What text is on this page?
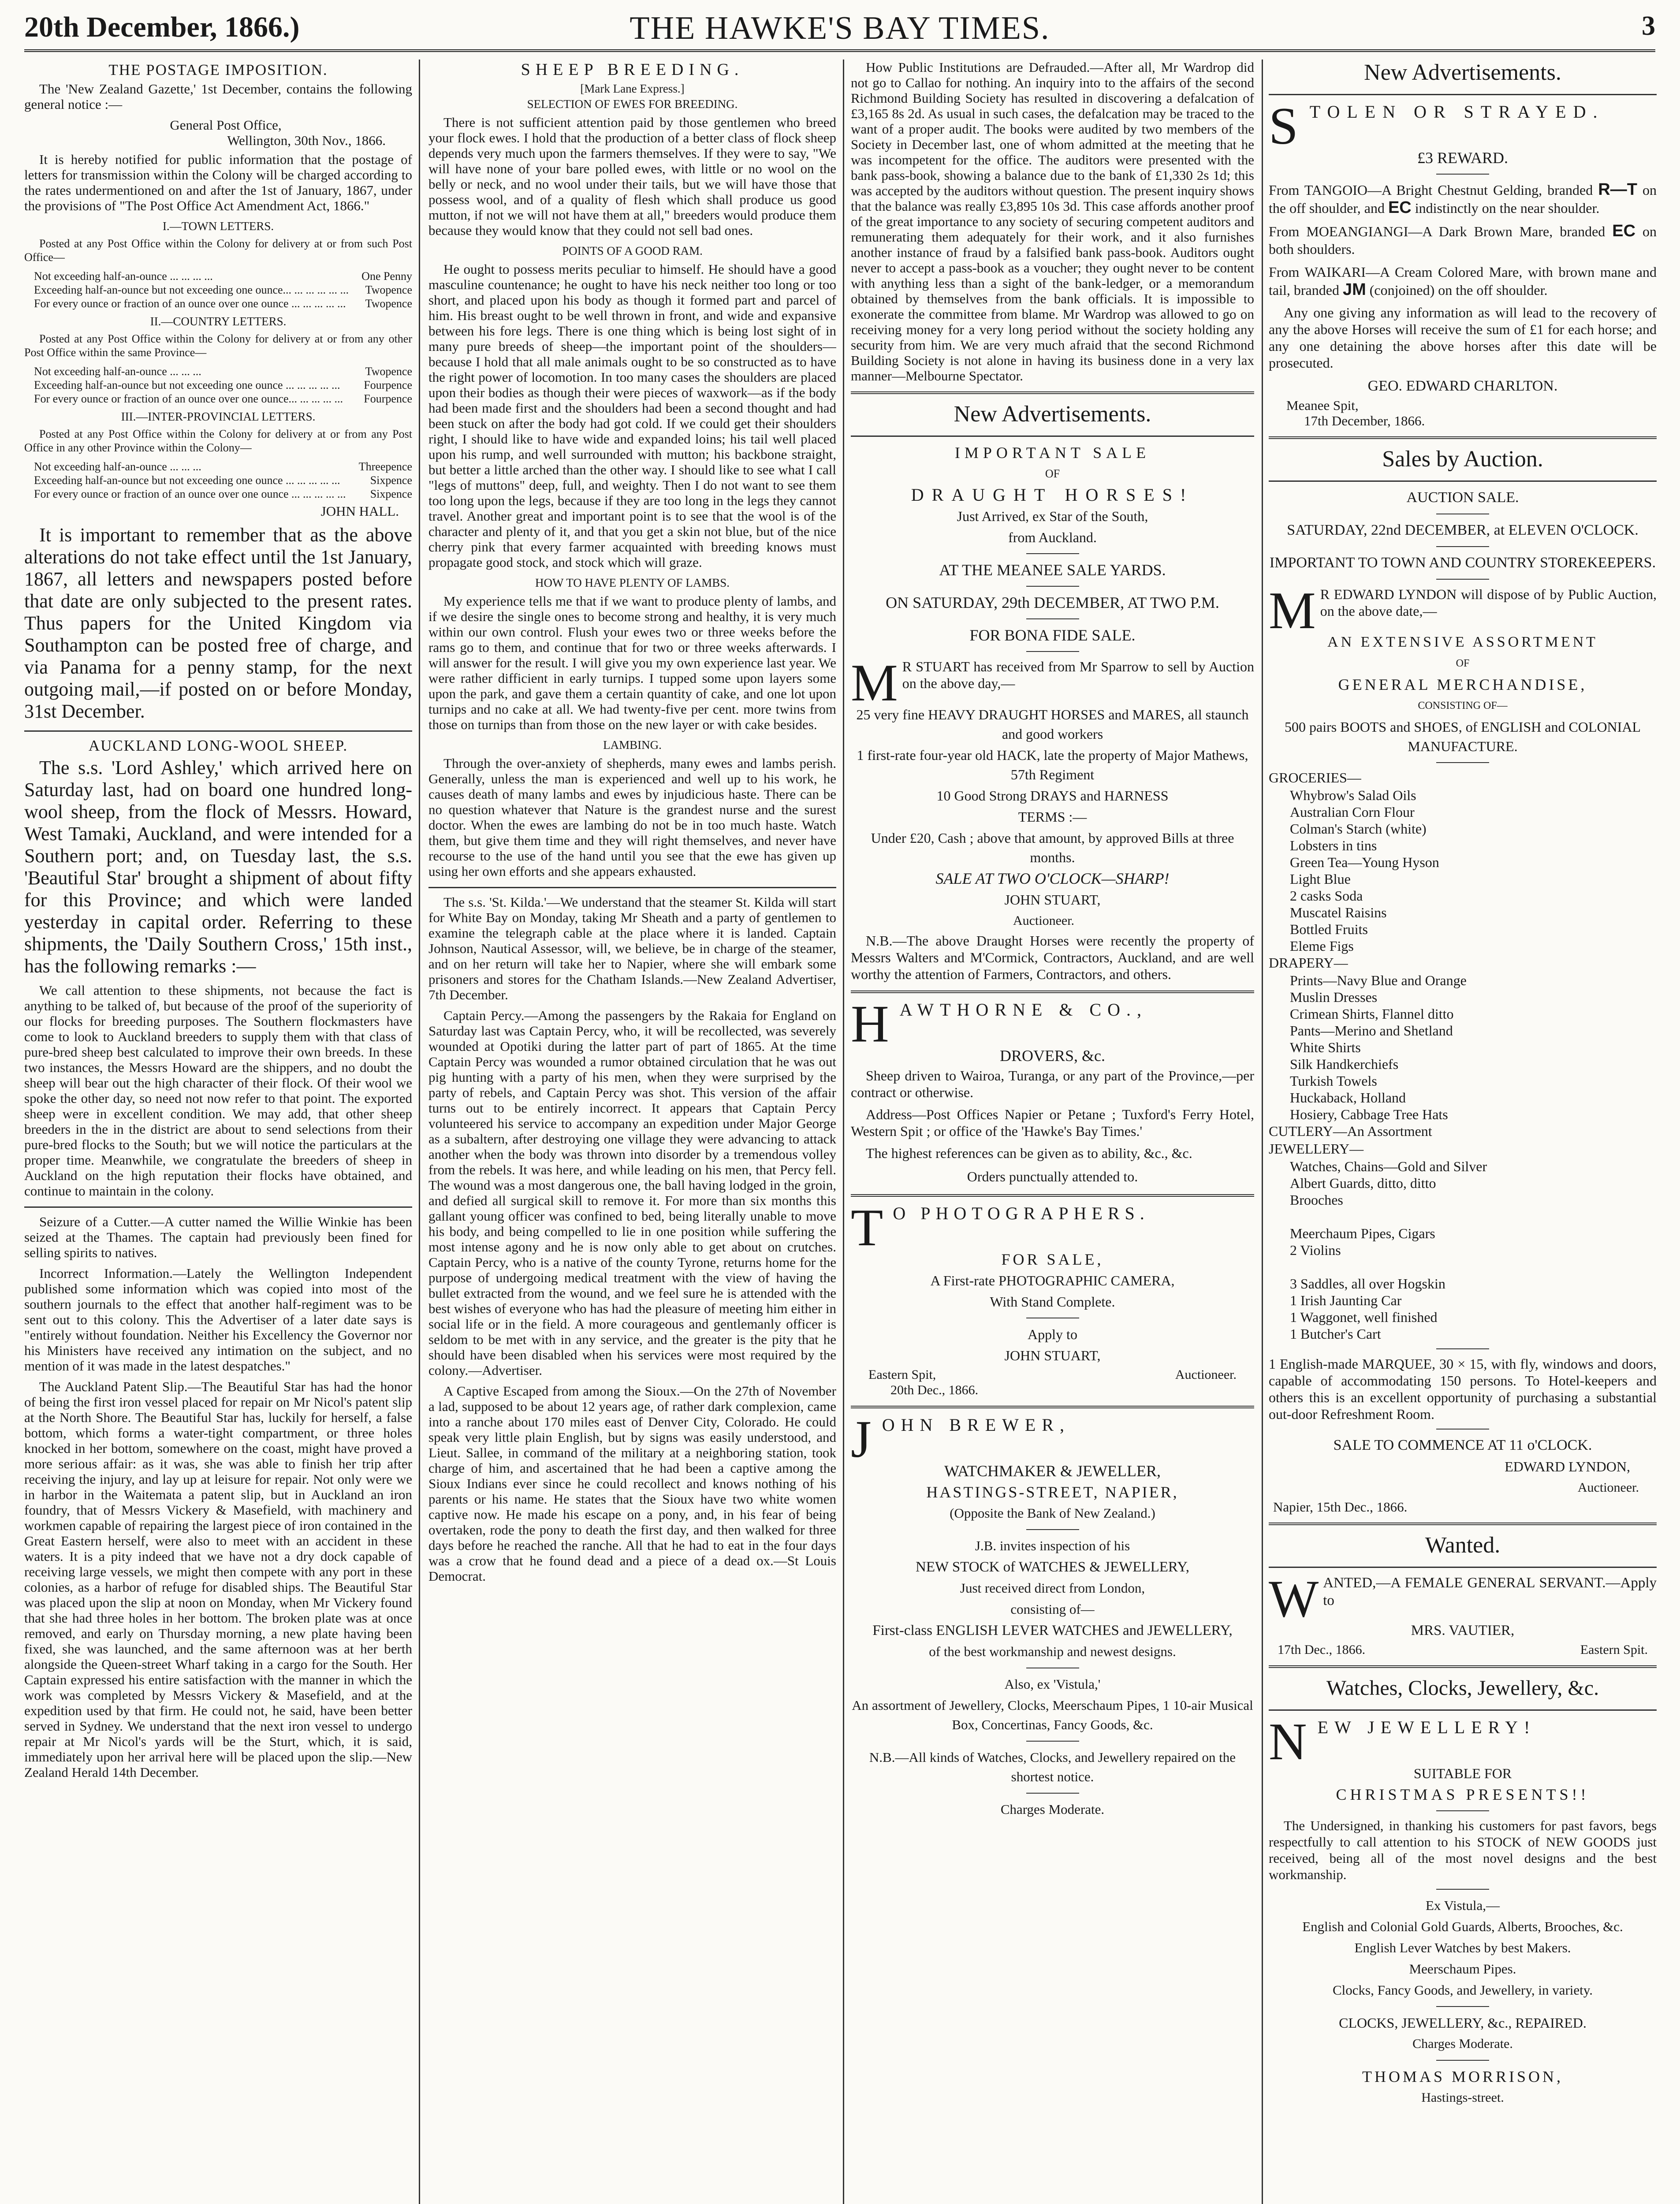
20th December, 1866.)	THE HAWKE'S BAY TIMES.	3
THE POSTAGE IMPOSITION.

The 'New Zealand Gazette,' 1st December, contains the following general notice :—

General Post Office,

Wellington, 30th Nov., 1866.

It is hereby notified for public information that the postage of letters for transmission within the Colony will be charged according to the rates undermentioned on and after the 1st of January, 1867, under the provisions of "The Post Office Act Amendment Act, 1866."

I.—TOWN LETTERS.

Posted at any Post Office within the Colony for delivery at or from such Post Office—

Not exceeding half-an-ounce ... ... ... ...	One Penny
Exceeding half-an-ounce but not exceeding one ounce... ... ... ... ... ... Twopence
For every ounce or fraction of an ounce over one ounce ... ... ... ... ... Twopence
II.—COUNTRY LETTERS.

Posted at any Post Office within the Colony for delivery at or from any other Post Office within the same Province—

Not exceeding half-an-ounce ... ... ...	Twopence
Exceeding half-an-ounce but not exceeding one ounce ... ... ... ... ... Fourpence
For every ounce or fraction of an ounce over one ounce... ... ... ... ... Fourpence
III.—INTER-PROVINCIAL LETTERS.

Posted at any Post Office within the Colony for delivery at or from any Post Office in any other Province within the Colony—

Not exceeding half-an-ounce ... ... ...	Threepence
Exceeding half-an-ounce but not exceeding one ounce ... ... ... ... ...	Sixpence
For every ounce or fraction of an ounce over one ounce ... ... ... ... ... Sixpence

JOHN HALL.

It is important to remember that as the above alterations do not take effect until the 1st January, 1867, all letters and newspapers posted before that date are only subjected to the present rates. Thus papers for the United Kingdom via Southampton can be posted free of charge, and via Panama for a penny stamp, for the next outgoing mail,—if posted on or before Monday, 31st December.

AUCKLAND LONG-WOOL SHEEP.

The s.s. 'Lord Ashley,' which arrived here on Saturday last, had on board one hundred long-wool sheep, from the flock of Messrs. Howard, West Tamaki, Auckland, and were intended for a Southern port; and, on Tuesday last, the s.s. 'Beautiful Star' brought a shipment of about fifty for this Province; and which were landed yesterday in capital order. Referring to these shipments, the 'Daily Southern Cross,' 15th inst., has the following remarks :—

We call attention to these shipments, not because the fact is anything to be talked of, but because of the proof of the superiority of our flocks for breeding purposes. The Southern flockmasters have come to look to Auckland breeders to supply them with that class of pure-bred sheep best calculated to improve their own breeds. In these two instances, the Messrs Howard are the shippers, and no doubt the sheep will bear out the high character of their flock. Of their wool we spoke the other day, so need not now refer to that point. The exported sheep were in excellent condition. We may add, that other sheep breeders in the in the district are about to send selections from their pure-bred flocks to the South; but we will notice the particulars at the proper time. Meanwhile, we congratulate the breeders of sheep in Auckland on the high reputation their flocks have obtained, and continue to maintain in the colony.

Seizure of a Cutter.—A cutter named the Willie Winkie has been seized at the Thames. The captain had previously been fined for selling spirits to natives.

Incorrect Information.—Lately the Wellington Independent published some information which was copied into most of the southern journals to the effect that another half-regiment was to be sent out to this colony. This the Advertiser of a later date says is "entirely without foundation. Neither his Excellency the Governor nor his Ministers have received any intimation on the subject, and no mention of it was made in the latest despatches."

The Auckland Patent Slip.—The Beautiful Star has had the honor of being the first iron vessel placed for repair on Mr Nicol's patent slip at the North Shore. The Beautiful Star has, luckily for herself, a false bottom, which forms a water-tight compartment, or three holes knocked in her bottom, somewhere on the coast, might have proved a more serious affair: as it was, she was able to finish her trip after receiving the injury, and lay up at leisure for repair. Not only were we in harbor in the Waitemata a patent slip, but in Auckland an iron foundry, that of Messrs Vickery & Masefield, with machinery and workmen capable of repairing the largest piece of iron contained in the Great Eastern herself, were also to meet with an accident in these waters. It is a pity indeed that we have not a dry dock capable of receiving large vessels, we might then compete with any port in these colonies, as a harbor of refuge for disabled ships. The Beautiful Star was placed upon the slip at noon on Monday, when Mr Vickery found that she had three holes in her bottom. The broken plate was at once removed, and early on Thursday morning, a new plate having been fixed, she was launched, and the same afternoon was at her berth alongside the Queen-street Wharf taking in a cargo for the South. Her Captain expressed his entire satisfaction with the manner in which the work was completed by Messrs Vickery & Masefield, and at the expedition used by that firm. He could not, he said, have been better served in Sydney. We understand that the next iron vessel to undergo repair at Mr Nicol's yards will be the Sturt, which, it is said, immediately upon her arrival here will be placed upon the slip.—New Zealand Herald 14th December.

SHEEP BREEDING.
[Mark Lane Express.]
SELECTION OF EWES FOR BREEDING.

There is not sufficient attention paid by those gentlemen who breed your flock ewes. I hold that the production of a better class of flock sheep depends very much upon the farmers themselves. If they were to say, "We will have none of your bare polled ewes, with little or no wool on the belly or neck, and no wool under their tails, but we will have those that possess wool, and of a quality of flesh which shall produce us good mutton, if not we will not have them at all," breeders would produce them because they would know that they could not sell bad ones.

POINTS OF A GOOD RAM.

He ought to possess merits peculiar to himself. He should have a good masculine countenance; he ought to have his neck neither too long or too short, and placed upon his body as though it formed part and parcel of him. His breast ought to be well thrown in front, and wide and expansive between his fore legs. There is one thing which is being lost sight of in many pure breeds of sheep—the important point of the shoulders—because I hold that all male animals ought to be so constructed as to have the right power of locomotion. In too many cases the shoulders are placed upon their bodies as though their were pieces of waxwork—as if the body had been made first and the shoulders had been a second thought and had been stuck on after the body had got cold. If we could get their shoulders right, I should like to have wide and expanded loins; his tail well placed upon his rump, and well surrounded with mutton; his backbone straight, but better a little arched than the other way. I should like to see what I call "legs of muttons" deep, full, and weighty. Then I do not want to see them too long upon the legs, because if they are too long in the legs they cannot travel. Another great and important point is to see that the wool is of the character and plenty of it, and that you get a skin not blue, but of the nice cherry pink that every farmer acquainted with breeding knows must propagate good stock, and stock which will graze.

HOW TO HAVE PLENTY OF LAMBS.

My experience tells me that if we want to produce plenty of lambs, and if we desire the single ones to become strong and healthy, it is very much within our own control. Flush your ewes two or three weeks before the rams go to them, and continue that for two or three weeks afterwards. I will answer for the result. I will give you my own experience last year. We were rather difficient in early turnips. I tupped some upon layers some upon the park, and gave them a certain quantity of cake, and one lot upon turnips and no cake at all. We had twenty-five per cent. more twins from those on turnips than from those on the new layer or with cake besides.

LAMBING.

Through the over-anxiety of shepherds, many ewes and lambs perish. Generally, unless the man is experienced and well up to his work, he causes death of many lambs and ewes by injudicious haste. There can be no question whatever that Nature is the grandest nurse and the surest doctor. When the ewes are lambing do not be in too much haste. Watch them, but give them time and they will right themselves, and never have recourse to the use of the hand until you see that the ewe has given up using her own efforts and she appears exhausted.

The s.s. 'St. Kilda.'—We understand that the steamer St. Kilda will start for White Bay on Monday, taking Mr Sheath and a party of gentlemen to examine the telegraph cable at the place where it is landed. Captain Johnson, Nautical Assessor, will, we believe, be in charge of the steamer, and on her return will take her to Napier, where she will embark some prisoners and stores for the Chatham Islands.—New Zealand Advertiser, 7th December.

Captain Percy.—Among the passengers by the Rakaia for England on Saturday last was Captain Percy, who, it will be recollected, was severely wounded at Opotiki during the latter part of part of 1865. At the time Captain Percy was wounded a rumor obtained circulation that he was out pig hunting with a party of his men, when they were surprised by the party of rebels, and Captain Percy was shot. This version of the affair turns out to be entirely incorrect. It appears that Captain Percy volunteered his service to accompany an expedition under Major George as a subaltern, after destroying one village they were advancing to attack another when the body was thrown into disorder by a tremendous volley from the rebels. It was here, and while leading on his men, that Percy fell. The wound was a most dangerous one, the ball having lodged in the groin, and defied all surgical skill to remove it. For more than six months this gallant young officer was confined to bed, being literally unable to move his body, and being compelled to lie in one position while suffering the most intense agony and he is now only able to get about on crutches. Captain Percy, who is a native of the county Tyrone, returns home for the purpose of undergoing medical treatment with the view of having the bullet extracted from the wound, and we feel sure he is attended with the best wishes of everyone who has had the pleasure of meeting him either in social life or in the field. A more courageous and gentlemanly officer is seldom to be met with in any service, and the greater is the pity that he should have been disabled when his services were most required by the colony.—Advertiser.

A Captive Escaped from among the Sioux.—On the 27th of November a lad, supposed to be about 12 years age, of rather dark complexion, came into a ranche about 170 miles east of Denver City, Colorado. He could speak very little plain English, but by signs was easily understood, and Lieut. Sallee, in command of the military at a neighboring station, took charge of him, and ascertained that he had been a captive among the Sioux Indians ever since he could recollect and knows nothing of his parents or his name. He states that the Sioux have two white women captive now. He made his escape on a pony, and, in his fear of being overtaken, rode the pony to death the first day, and then walked for three days before he reached the ranche. All that he had to eat in the four days was a crow that he found dead and a piece of a dead ox.—St Louis Democrat.

How Public Institutions are Defrauded.—After all, Mr Wardrop did not go to Callao for nothing. An inquiry into to the affairs of the second Richmond Building Society has resulted in discovering a defalcation of £3,165 8s 2d. As usual in such cases, the defalcation may be traced to the want of a proper audit. The books were audited by two members of the Society in December last, one of whom admitted at the meeting that he was incompetent for the office. The auditors were presented with the bank pass-book, showing a balance due to the bank of £1,330 2s 1d; this was accepted by the auditors without question. The present inquiry shows that the balance was really £3,895 10s 3d. This case affords another proof of the great importance to any society of securing competent auditors and remunerating them adequately for their work, and it also furnishes another instance of fraud by a falsified bank pass-book. Auditors ought never to accept a pass-book as a voucher; they ought never to be content with anything less than a sight of the bank-ledger, or a memorandum obtained by themselves from the bank officials. It is impossible to exonerate the committee from blame. Mr Wardrop was allowed to go on receiving money for a very long period without the society holding any security from him. We are very much afraid that the second Richmond Building Society is not alone in having its business done in a very lax manner—Melbourne Spectator.

New Advertisements.
IMPORTANT SALE
OF
DRAUGHT HORSES!
Just Arrived, ex Star of the South,
from Auckland.
AT THE MEANEE SALE YARDS.
ON SATURDAY, 29th DECEMBER, AT TWO P.M.
FOR BONA FIDE SALE.

M R STUART has received from Mr Sparrow to sell by Auction on the above day,—

25 very fine HEAVY DRAUGHT HORSES and MARES, all staunch and good workers
1 first-rate four-year old HACK, late the property of Major Mathews, 57th Regiment
10 Good Strong DRAYS and HARNESS
TERMS :—
Under £20, Cash ; above that amount, by approved Bills at three months.
SALE AT TWO O'CLOCK—SHARP!
JOHN STUART,
Auctioneer.

N.B.—The above Draught Horses were recently the property of Messrs Walters and M'Cormick, Contractors, Auckland, and are well worthy the attention of Farmers, Contractors, and others.

HAWTHORNE & CO.,

DROVERS, &c.

Sheep driven to Wairoa, Turanga, or any part of the Province,—per contract or otherwise.

Address—Post Offices Napier or Petane ; Tuxford's Ferry Hotel, Western Spit ; or office of the 'Hawke's Bay Times.'

The highest references can be given as to ability, &c., &c.

Orders punctually attended to.

T O PHOTOGRAPHERS.

FOR SALE,
A First-rate PHOTOGRAPHIC CAMERA,
With Stand Complete.
Apply to
JOHN STUART,
Eastern Spit,	Auctioneer.
20th Dec., 1866.

JOHN BREWER,

WATCHMAKER & JEWELLER,
HASTINGS-STREET, NAPIER,
(Opposite the Bank of New Zealand.)
J.B. invites inspection of his
NEW STOCK of WATCHES & JEWELLERY,
Just received direct from London,
consisting of—
First-class ENGLISH LEVER WATCHES and JEWELLERY,
of the best workmanship and newest designs.
Also, ex 'Vistula,'
An assortment of Jewellery, Clocks, Meerschaum Pipes, 1 10-air Musical Box, Concertinas, Fancy Goods, &c.
N.B.—All kinds of Watches, Clocks, and Jewellery repaired on the shortest notice.
Charges Moderate.
New Advertisements.

STOLEN OR STRAYED.

£3 REWARD.

From TANGOIO—A Bright Chestnut Gelding, branded R—T on the off shoulder, and EC indistinctly on the near shoulder.

From MOEANGIANGI—A Dark Brown Mare, branded EC on both shoulders.

From WAIKARI—A Cream Colored Mare, with brown mane and tail, branded JM (conjoined) on the off shoulder.

Any one giving any information as will lead to the recovery of any the above Horses will receive the sum of £1 for each horse; and any one detaining the above horses after this date will be prosecuted.

GEO. EDWARD CHARLTON.
Meanee Spit,
17th December, 1866.
Sales by Auction.
AUCTION SALE.
SATURDAY, 22nd DECEMBER, at ELEVEN O'CLOCK.
IMPORTANT TO TOWN AND COUNTRY STOREKEEPERS.

M R EDWARD LYNDON will dispose of by Public Auction, on the above date,—

AN EXTENSIVE ASSORTMENT
OF
GENERAL MERCHANDISE,
CONSISTING OF—
500 pairs BOOTS and SHOES, of ENGLISH and COLONIAL MANUFACTURE.
GROCERIES—
Whybrow's Salad Oils
Australian Corn Flour
Colman's Starch (white)
Lobsters in tins
Green Tea—Young Hyson
Light Blue
2 casks Soda
Muscatel Raisins
Bottled Fruits
Eleme Figs
DRAPERY—
Prints—Navy Blue and Orange
Muslin Dresses
Crimean Shirts, Flannel ditto
Pants—Merino and Shetland
White Shirts
Silk Handkerchiefs
Turkish Towels
Huckaback, Holland
Hosiery, Cabbage Tree Hats
CUTLERY—An Assortment
JEWELLERY—
Watches, Chains—Gold and Silver
Albert Guards, ditto, ditto
Brooches
Meerchaum Pipes, Cigars
2 Violins
3 Saddles, all over Hogskin
1 Irish Jaunting Car
1 Waggonet, well finished
1 Butcher's Cart

1 English-made MARQUEE, 30 × 15, with fly, windows and doors, capable of accommodating 150 persons. To Hotel-keepers and others this is an excellent opportunity of purchasing a substantial out-door Refreshment Room.

SALE TO COMMENCE AT 11 o'CLOCK.
EDWARD LYNDON,
Auctioneer.
Napier, 15th Dec., 1866.
Wanted.

WANTED,—A FEMALE GENERAL SERVANT.—Apply to

MRS. VAUTIER,
17th Dec., 1866.	Eastern Spit.
Watches, Clocks, Jewellery, &c.

NEW JEWELLERY!

SUITABLE FOR
CHRISTMAS PRESENTS!!

The Undersigned, in thanking his customers for past favors, begs respectfully to call attention to his STOCK of NEW GOODS just received, being all of the most novel designs and the best workmanship.

Ex Vistula,—
English and Colonial Gold Guards, Alberts, Brooches, &c.
English Lever Watches by best Makers.
Meerschaum Pipes.
Clocks, Fancy Goods, and Jewellery, in variety.
CLOCKS, JEWELLERY, &c., REPAIRED.
Charges Moderate.
THOMAS MORRISON,
Hastings-street.
